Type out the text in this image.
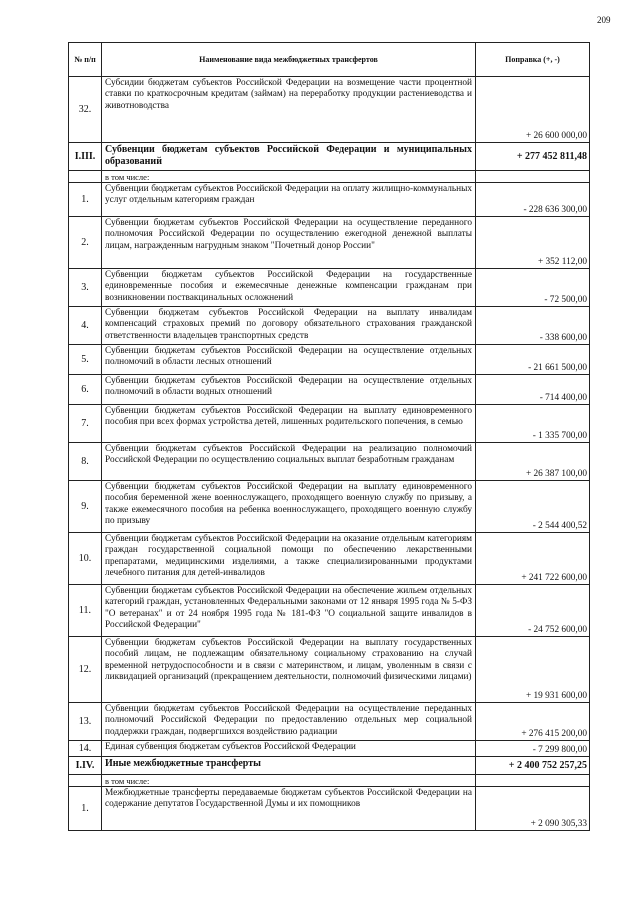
209
№ п/п	Наименование вида межбюджетных трансфертов	Поправка (+, -)
32.	Субсидии бюджетам субъектов Российской Федерации на возмещение части процентной ставки по краткосрочным кредитам (займам) на переработку продукции растениеводства и животноводства	+ 26 600 000,00
I.III.	Субвенции бюджетам субъектов Российской Федерации и муниципальных образований	+ 277 452 811,48
	в том числе:	
1.	Субвенции бюджетам субъектов Российской Федерации на оплату жилищно-коммунальных услуг отдельным категориям граждан	- 228 636 300,00
2.	Субвенции бюджетам субъектов Российской Федерации на осуществление переданного полномочия Российской Федерации по осуществлению ежегодной денежной выплаты лицам, награжденным нагрудным знаком "Почетный донор России"	+ 352 112,00
3.	Субвенции бюджетам субъектов Российской Федерации на государственные единовременные пособия и ежемесячные денежные компенсации гражданам при возникновении поствакцинальных осложнений	- 72 500,00
4.	Субвенции бюджетам субъектов Российской Федерации на выплату инвалидам компенсаций страховых премий по договору обязательного страхования гражданской ответственности владельцев транспортных средств	- 338 600,00
5.	Субвенции бюджетам субъектов Российской Федерации на осуществление отдельных полномочий в области лесных отношений	- 21 661 500,00
6.	Субвенции бюджетам субъектов Российской Федерации на осуществление отдельных полномочий в области водных отношений	- 714 400,00
7.	Субвенции бюджетам субъектов Российской Федерации на выплату единовременного пособия при всех формах устройства детей, лишенных родительского попечения, в семью	- 1 335 700,00
8.	Субвенции бюджетам субъектов Российской Федерации на реализацию полномочий Российской Федерации по осуществлению социальных выплат безработным гражданам	+ 26 387 100,00
9.	Субвенции бюджетам субъектов Российской Федерации на выплату единовременного пособия беременной жене военнослужащего, проходящего военную службу по призыву, а также ежемесячного пособия на ребенка военнослужащего, проходящего военную службу по призыву	- 2 544 400,52
10.	Субвенции бюджетам субъектов Российской Федерации на оказание отдельным категориям граждан государственной социальной помощи по обеспечению лекарственными препаратами, медицинскими изделиями, а также специализированными продуктами лечебного питания для детей-инвалидов	+ 241 722 600,00
11.	Субвенции бюджетам субъектов Российской Федерации на обеспечение жильем отдельных категорий граждан, установленных Федеральными законами от 12 января 1995 года № 5-ФЗ "О ветеранах" и от 24 ноября 1995 года № 181-ФЗ "О социальной защите инвалидов в Российской Федерации"	- 24 752 600,00
12.	Субвенции бюджетам субъектов Российской Федерации на выплату государственных пособий лицам, не подлежащим обязательному социальному страхованию на случай временной нетрудоспособности и в связи с материнством, и лицам, уволенным в связи с ликвидацией организаций (прекращением деятельности, полномочий физическими лицами)	+ 19 931 600,00
13.	Субвенции бюджетам субъектов Российской Федерации на осуществление переданных полномочий Российской Федерации по предоставлению отдельных мер социальной поддержки граждан, подвергшихся воздействию радиации	+ 276 415 200,00
14.	Единая субвенция бюджетам субъектов Российской Федерации	- 7 299 800,00
I.IV.	Иные межбюджетные трансферты	+ 2 400 752 257,25
	в том числе:	
1.	Межбюджетные трансферты передаваемые бюджетам субъектов Российской Федерации на содержание депутатов Государственной Думы и их помощников	+ 2 090 305,33
